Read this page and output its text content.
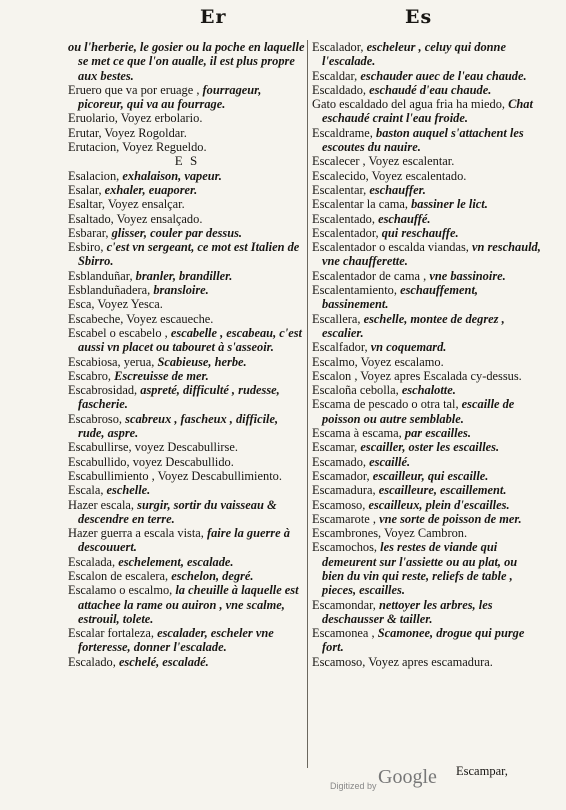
Er	Es

ou l'herberie, le gosier ou la poche en laquelle se met ce que l'on aualle, il est plus propre aux bestes.

Eruero que va por eruage , fourrageur, picoreur, qui va au fourrage.

Eruolario, Voyez erbolario.

Erutar, Voyez Rogoldar.

Erutacion, Voyez Regueldo.

E S

Esalacion, exhalaison, vapeur.

Esalar, exhaler, euaporer.

Esaltar, Voyez ensalçar.

Esaltado, Voyez ensalçado.

Esbarar, glisser, couler par dessus.

Esbiro, c'est vn sergeant, ce mot est Italien de Sbirro.

Esblanduñar, branler, brandiller.

Esblanduñadera, bransloire.

Esca, Voyez Yesca.

Escabeche, Voyez escaueche.

Escabel o escabelo , escabelle , escabeau, c'est aussi vn placet ou tabouret à s'asseoir.

Escabiosa, yerua, Scabieuse, herbe.

Escabro, Escreuisse de mer.

Escabrosidad, aspreté, difficulté , rudesse, fascherie.

Escabroso, scabreux , fascheux , difficile, rude, aspre.

Escabullirse, voyez Descabullirse.

Escabullido, voyez Descabullido.

Escabullimiento , Voyez Descabullimiento.

Escala, eschelle.

Hazer escala, surgir, sortir du vaisseau & descendre en terre.

Hazer guerra a escala vista, faire la guerre à descouuert.

Escalada, eschelement, escalade.

Escalon de escalera, eschelon, degré.

Escalamo o escalmo, la cheuille à laquelle est attachee la rame ou auiron , vne scalme, estrouil, tolete.

Escalar fortaleza, escalader, escheler vne forteresse, donner l'escalade.

Escalado, eschelé, escaladé.

Escalador, escheleur , celuy qui donne l'escalade.

Escaldar, eschauder auec de l'eau chaude.

Escaldado, eschaudé d'eau chaude.

Gato escaldado del agua fria ha miedo, Chat eschaudé craint l'eau froide.

Escaldrame, baston auquel s'attachent les escoutes du nauire.

Escalecer , Voyez escalentar.

Escalecido, Voyez escalentado.

Escalentar, eschauffer.

Escalentar la cama, bassiner le lict.

Escalentado, eschauffé.

Escalentador, qui reschauffe.

Escalentador o escalda viandas, vn reschauld, vne chaufferette.

Escalentador de cama , vne bassinoire.

Escalentamiento, eschauffement, bassinement.

Escallera, eschelle, montee de degrez , escalier.

Escalfador, vn coquemard.

Escalmo, Voyez escalamo.

Escalon , Voyez apres Escalada cy-dessus.

Escaloña cebolla, eschalotte.

Escama de pescado o otra tal, escaille de poisson ou autre semblable.

Escama à escama, par escailles.

Escamar, escailler, oster les escailles.

Escamado, escaillé.

Escamador, escailleur, qui escaille.

Escamadura, escailleure, escaillement.

Escamoso, escailleux, plein d'escailles.

Escamarote , vne sorte de poisson de mer.

Escambrones, Voyez Cambron.

Escamochos, les restes de viande qui demeurent sur l'assiette ou au plat, ou bien du vin qui reste, reliefs de table , pieces, escailles.

Escamondar, nettoyer les arbres, les deschausser & tailler.

Escamonea , Scamonee, drogue qui purge fort.

Escamoso, Voyez apres escamadura.

Escampar,
Digitized by Google
